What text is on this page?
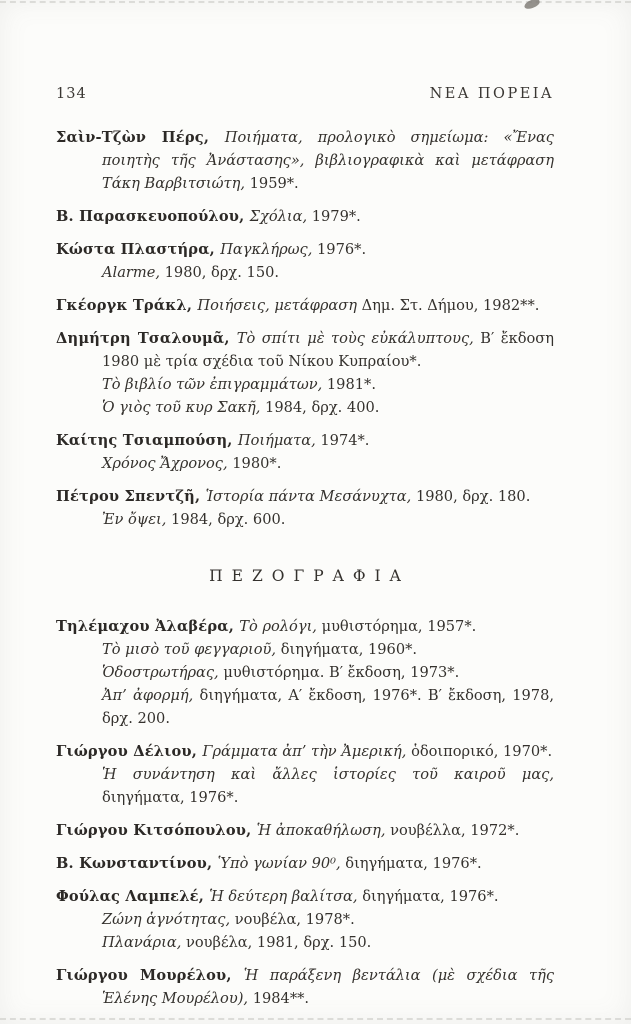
134	ΝΕΑ ΠΟΡΕΙΑ

Σαὶν-Τζὼν Πέρς, Ποιήματα, προλογικὸ σημείωμα: «Ἔνας ποιητὴς τῆς Ἀνάστασης», βιβλιογραφικὰ καὶ μετάφραση Τάκη Βαρβιτσιώτη, 1959*.

Β. Παρασκευοπούλου, Σχόλια, 1979*.

Κώστα Πλαστήρα, Παγκλήρως, 1976*.

Alarme, 1980, δρχ. 150.

Γκέοργκ Τράκλ, Ποιήσεις, μετάφραση Δημ. Στ. Δήμου, 1982**.

Δημήτρη Τσαλουμᾶ, Τὸ σπίτι μὲ τοὺς εὐκάλυπτους, Β′ ἔκδοση 1980 μὲ τρία σχέδια τοῦ Νίκου Κυπραίου*.

Τὸ βιβλίο τῶν ἐπιγραμμάτων, 1981*.

Ὁ γιὸς τοῦ κυρ Σακῆ, 1984, δρχ. 400.

Καίτης Τσιαμπούση, Ποιήματα, 1974*.

Χρόνος Ἄχρονος, 1980*.

Πέτρου Σπεντζῆ, Ἱστορία πάντα Μεσάνυχτα, 1980, δρχ. 180.

Ἐν ὄψει, 1984, δρχ. 600.

ΠΕΖΟΓΡΑΦΙΑ

Τηλέμαχου Ἀλαβέρα, Τὸ ρολόγι, μυθιστόρημα, 1957*.

Τὸ μισὸ τοῦ φεγγαριοῦ, διηγήματα, 1960*.

Ὁδοστρωτήρας, μυθιστόρημα. Β′ ἔκδοση, 1973*.

Ἀπ’ ἀφορμή, διηγήματα, Α′ ἔκδοση, 1976*. Β′ ἔκδοση, 1978, δρχ. 200.

Γιώργου Δέλιου, Γράμματα ἀπ’ τὴν Ἀμερική, ὁδοιπορικό, 1970*.

Ἡ συνάντηση καὶ ἄλλες ἱστορίες τοῦ καιροῦ μας, διηγήματα, 1976*.

Γιώργου Κιτσόπουλου, Ἡ ἀποκαθήλωση, νουβέλλα, 1972*.

Β. Κωνσταντίνου, Ὑπὸ γωνίαν 90⁰, διηγήματα, 1976*.

Φούλας Λαμπελέ, Ἡ δεύτερη βαλίτσα, διηγήματα, 1976*.

Ζώνη ἁγνότητας, νουβέλα, 1978*.

Πλανάρια, νουβέλα, 1981, δρχ. 150.

Γιώργου Μουρέλου, Ἡ παράξενη βεντάλια (μὲ σχέδια τῆς Ἑλένης Μουρέλου), 1984**.
